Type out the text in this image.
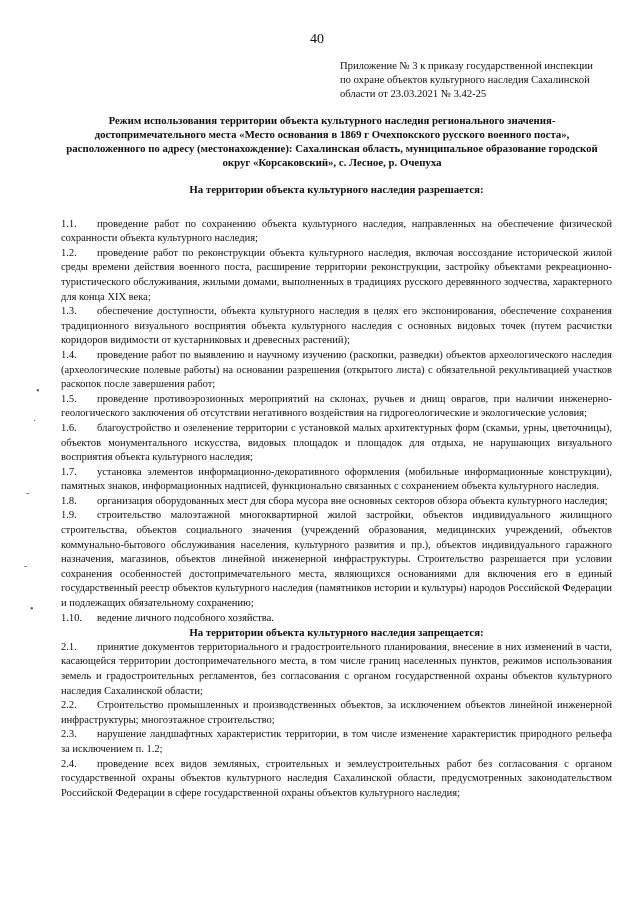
40
Приложение № 3 к приказу государственной инспекции
по охране объектов культурного наследия Сахалинской
области от 23.03.2021 № 3.42-25
Режим использования территории объекта культурного наследия регионального значения-
достопримечательного места «Место основания в 1869 г Очехпокского русского военного поста»,
расположенного по адресу (местонахождение): Сахалинская область, муниципальное образование городской
округ «Корсаковский», с. Лесное, р. Очепуха

На территории объекта культурного наследия разрешается:

1.1. проведение работ по сохранению объекта культурного наследия, направленных на обеспечение физической сохранности объекта культурного наследия;

1.2. проведение работ по реконструкции объекта культурного наследия, включая воссоздание исторической жилой среды времени действия военного поста, расширение территории реконструкции, застройку объектами рекреационно- туристического обслуживания, жилыми домами, выполненных в традициях русского деревянного зодчества, характерного для конца XIX века;

1.3. обеспечение доступности, объекта культурного наследия в целях его экспонирования, обеспечение сохранения традиционного визуального восприятия объекта культурного наследия с основных видовых точек (путем расчистки коридоров видимости от кустарниковых и древесных растений);

1.4. проведение работ по выявлению и научному изучению (раскопки, разведки) объектов археологического наследия (археологические полевые работы) на основании разрешения (открытого листа) с обязательной рекультивацией участков раскопок после завершения работ;

1.5. проведение противоэрозионных мероприятий на склонах, ручьев и днищ оврагов, при наличии инженерно-геологического заключения об отсутствии негативного воздействия на гидрогеологические и экологические условия;

1.6. благоустройство и озеленение территории с установкой малых архитектурных форм (скамьи, урны, цветочницы), объектов монументального искусства, видовых площадок и площадок для отдыха, не нарушающих визуального восприятия объекта культурного наследия;

1.7. установка элементов информационно-декоративного оформления (мобильные информационные конструкции), памятных знаков, информационных надписей, функционально связанных с сохранением объекта культурного наследия.

1.8. организация оборудованных мест для сбора мусора вне основных секторов обзора объекта культурного наследия;

1.9. строительство малоэтажной многоквартирной жилой застройки, объектов индивидуального жилищного строительства, объектов социального значения (учреждений образования, медицинских учреждений, объектов коммунально-бытового обслуживания населения, культурного развития и пр.), объектов индивидуального гаражного назначения, магазинов, объектов линейной инженерной инфраструктуры. Строительство разрешается при условии сохранения особенностей достопримечательного места, являющихся основаниями для включения его в единый государственный реестр объектов культурного наследия (памятников истории и культуры) народов Российской Федерации и подлежащих обязательному сохранению;

1.10. ведение личного подсобного хозяйства.

На территории объекта культурного наследия запрещается:

2.1. принятие документов территориального и градостроительного планирования, внесение в них изменений в части, касающейся территории достопримечательного места, в том числе границ населенных пунктов, режимов использования земель и градостроительных регламентов, без согласования с органом государственной охраны объектов культурного наследия Сахалинской области;

2.2. Строительство промышленных и производственных объектов, за исключением объектов линейной инженерной инфраструктуры; многоэтажное строительство;

2.3. нарушение ландшафтных характеристик территории, в том числе изменение характеристик природного рельефа за исключением п. 1.2;

2.4. проведение всех видов земляных, строительных и землеустроительных работ без согласования с органом государственной охраны объектов культурного наследия Сахалинской области, предусмотренных законодательством Российской Федерации в сфере государственной охраны объектов культурного наследия;

•
·
-
-
•
